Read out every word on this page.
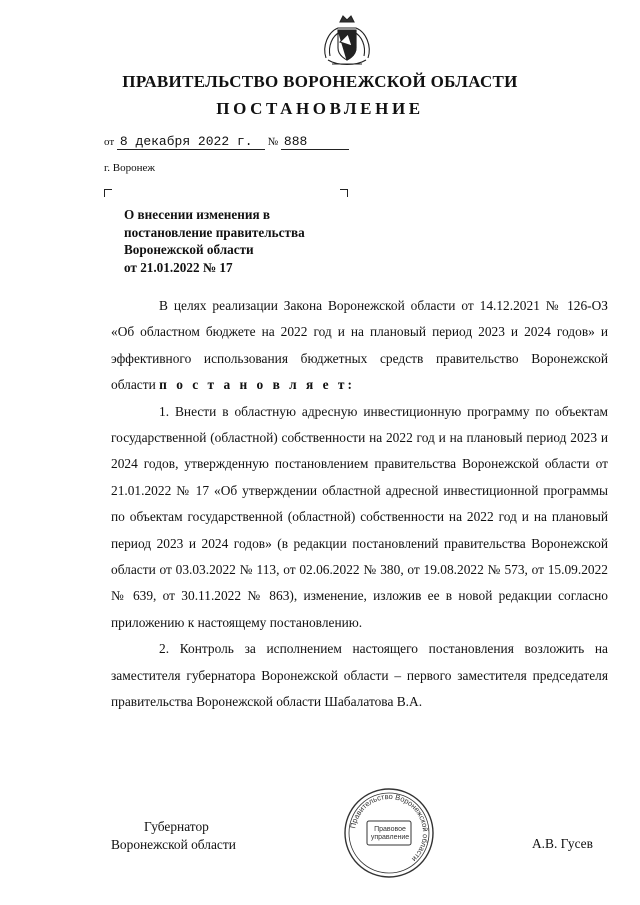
ПРАВИТЕЛЬСТВО ВОРОНЕЖСКОЙ ОБЛАСТИ
ПОСТАНОВЛЕНИЕ
от 8 декабря 2022 г. № 888
г. Воронеж
О внесении изменения в
постановление правительства
Воронежской области
от 21.01.2022 № 17

В целях реализации Закона Воронежской области от 14.12.2021 № 126-ОЗ «Об областном бюджете на 2022 год и на плановый период 2023 и 2024 годов» и эффективного использования бюджетных средств правительство Воронежской области п о с т а н о в л я е т:

1. Внести в областную адресную инвестиционную программу по объектам государственной (областной) собственности на 2022 год и на плановый период 2023 и 2024 годов, утвержденную постановлением правительства Воронежской области от 21.01.2022 № 17 «Об утверждении областной адресной инвестиционной программы по объектам государственной (областной) собственности на 2022 год и на плановый период 2023 и 2024 годов» (в редакции постановлений правительства Воронежской области от 03.03.2022 № 113, от 02.06.2022 № 380, от 19.08.2022 № 573, от 15.09.2022 № 639, от 30.11.2022 № 863), изменение, изложив ее в новой редакции согласно приложению к настоящему постановлению.

2. Контроль за исполнением настоящего постановления возложить на заместителя губернатора Воронежской области – первого заместителя председателя правительства Воронежской области Шабалатова В.А.

Губернатор
Воронежской области	А.В. Гусев
Правительство Воронежской области
Правовое
управление
